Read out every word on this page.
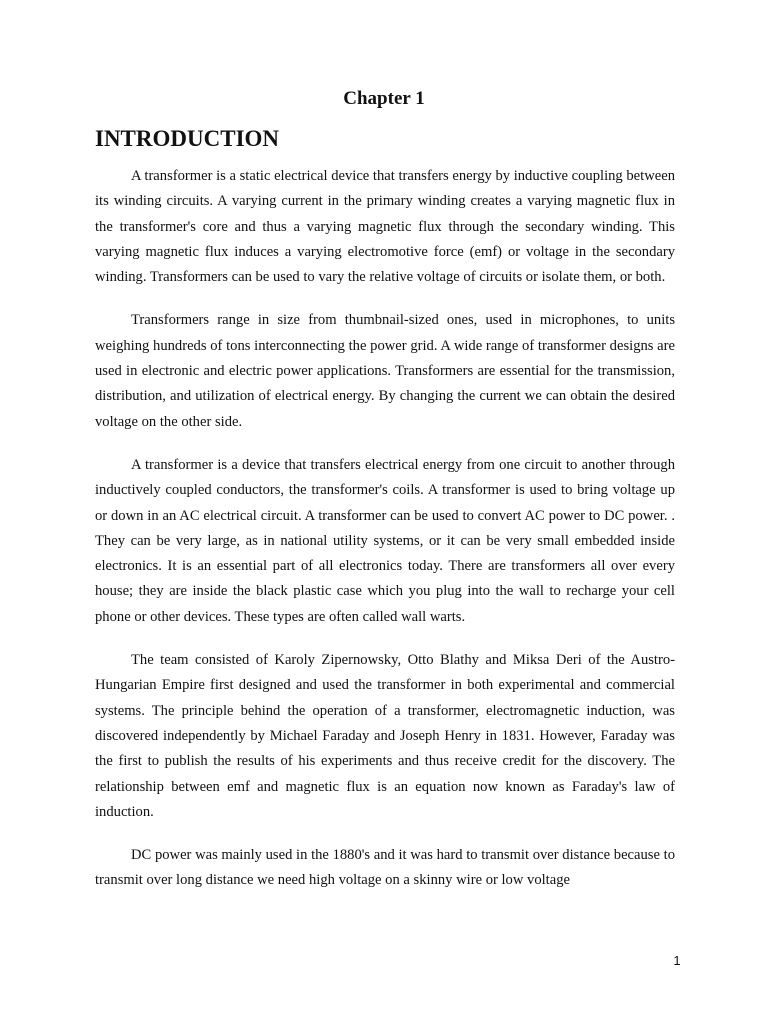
Chapter 1
INTRODUCTION

A transformer is a static electrical device that transfers energy by inductive coupling between its winding circuits. A varying current in the primary winding creates a varying magnetic flux in the transformer's core and thus a varying magnetic flux through the secondary winding. This varying magnetic flux induces a varying electromotive force (emf) or voltage in the secondary winding. Transformers can be used to vary the relative voltage of circuits or isolate them, or both.

Transformers range in size from thumbnail-sized ones, used in microphones, to units weighing hundreds of tons interconnecting the power grid. A wide range of transformer designs are used in electronic and electric power applications. Transformers are essential for the transmission, distribution, and utilization of electrical energy. By changing the current we can obtain the desired voltage on the other side.

A transformer is a device that transfers electrical energy from one circuit to another through inductively coupled conductors, the transformer's coils. A transformer is used to bring voltage up or down in an AC electrical circuit. A transformer can be used to convert AC power to DC power. . They can be very large, as in national utility systems, or it can be very small embedded inside electronics. It is an essential part of all electronics today. There are transformers all over every house; they are inside the black plastic case which you plug into the wall to recharge your cell phone or other devices. These types are often called wall warts.

The team consisted of Karoly Zipernowsky, Otto Blathy and Miksa Deri of the Austro-Hungarian Empire first designed and used the transformer in both experimental and commercial systems. The principle behind the operation of a transformer, electromagnetic induction, was discovered independently by Michael Faraday and Joseph Henry in 1831. However, Faraday was the first to publish the results of his experiments and thus receive credit for the discovery. The relationship between emf and magnetic flux is an equation now known as Faraday's law of induction.

DC power was mainly used in the 1880's and it was hard to transmit over distance because to transmit over long distance we need high voltage on a skinny wire or low voltage

1
